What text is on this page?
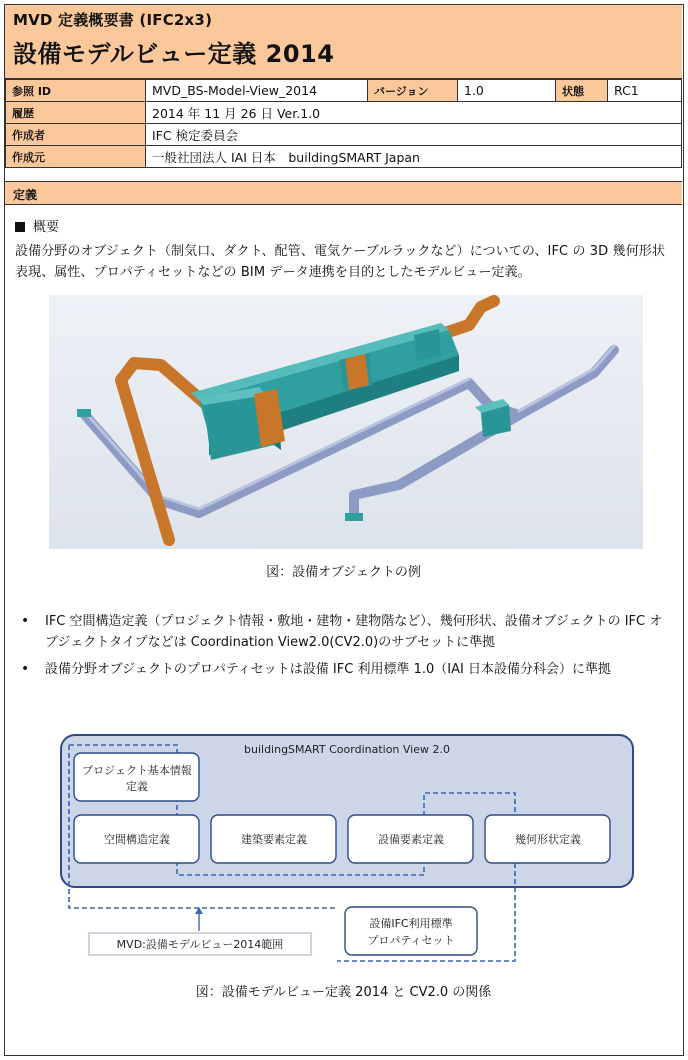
MVD 定義概要書 (IFC2x3)
設備モデルビュー定義 2014
参照 ID	MVD_BS-Model-View_2014	バージョン	1.0	状態	RC1
履歴	2014 年 11 月 26 日 Ver.1.0				
作成者	IFC 検定委員会				
作成元	一般社団法人 IAI 日本　buildingSMART Japan				
定義
概要
設備分野のオブジェクト（制気口、ダクト、配管、電気ケーブルラックなど）についての、IFC の 3D 幾何形状表現、属性、プロパティセットなどの BIM データ連携を目的としたモデルビュー定義。
図：設備オブジェクトの例
• IFC 空間構造定義（プロジェクト情報・敷地・建物・建物階など）、幾何形状、設備オブジェクトの IFC オブジェクトタイプなどは Coordination View2.0(CV2.0)のサブセットに準拠
• 設備分野オブジェクトのプロパティセットは設備 IFC 利用標準 1.0（IAI 日本設備分科会）に準拠
buildingSMART Coordination View 2.0
プロジェクト基本情報
定義
空間構造定義	建築要素定義	設備要素定義	幾何形状定義
MVD:設備モデルビュー2014範囲
設備IFC利用標準
プロパティセット
図：設備モデルビュー定義 2014 と CV2.0 の関係
